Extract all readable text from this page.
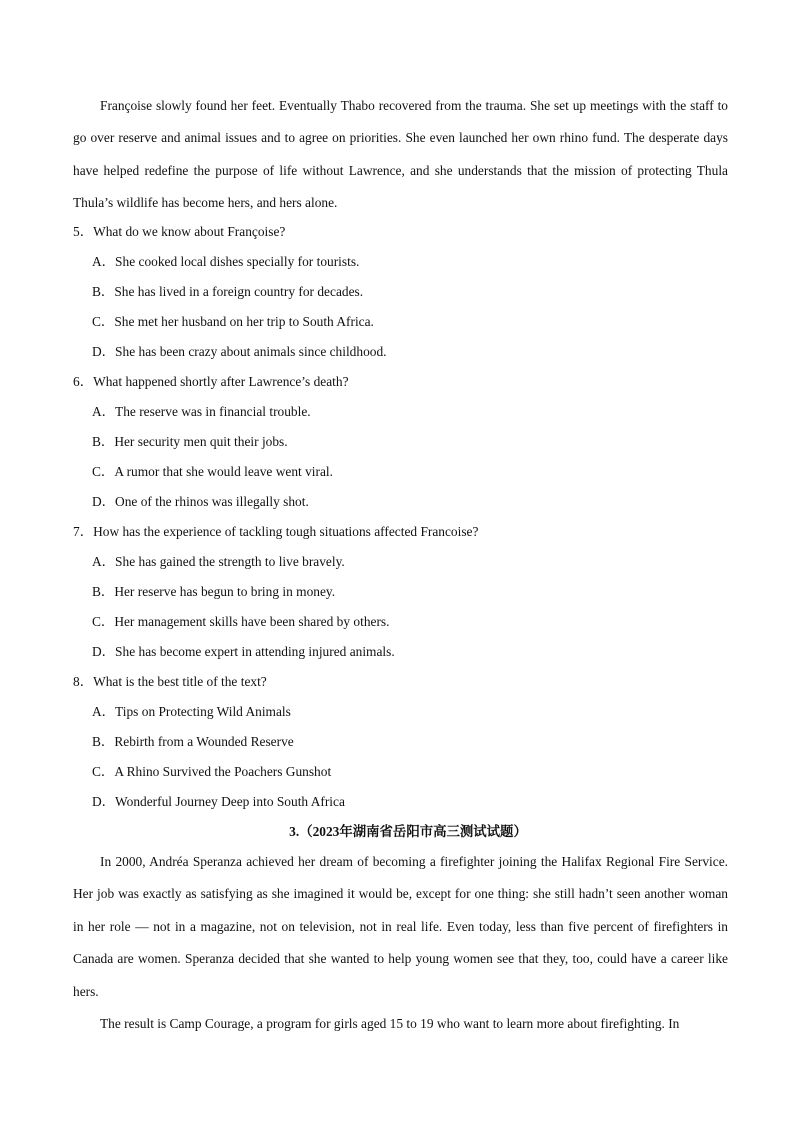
Françoise slowly found her feet. Eventually Thabo recovered from the trauma. She set up meetings with the staff to go over reserve and animal issues and to agree on priorities. She even launched her own rhino fund. The desperate days have helped redefine the purpose of life without Lawrence, and she understands that the mission of protecting Thula Thula’s wildlife has become hers, and hers alone.

5．What do we know about Françoise?

A．She cooked local dishes specially for tourists.

B．She has lived in a foreign country for decades.

C．She met her husband on her trip to South Africa.

D．She has been crazy about animals since childhood.

6．What happened shortly after Lawrence’s death?

A．The reserve was in financial trouble.

B．Her security men quit their jobs.

C．A rumor that she would leave went viral.

D．One of the rhinos was illegally shot.

7．How has the experience of tackling tough situations affected Francoise?

A．She has gained the strength to live bravely.

B．Her reserve has begun to bring in money.

C．Her management skills have been shared by others.

D．She has become expert in attending injured animals.

8．What is the best title of the text?

A．Tips on Protecting Wild Animals

B．Rebirth from a Wounded Reserve

C．A Rhino Survived the Poachers Gunshot

D．Wonderful Journey Deep into South Africa

3.（2023年湖南省岳阳市高三测试试题）

In 2000, Andréa Speranza achieved her dream of becoming a firefighter joining the Halifax Regional Fire Service. Her job was exactly as satisfying as she imagined it would be, except for one thing: she still hadn’t seen another woman in her role — not in a magazine, not on television, not in real life. Even today, less than five percent of firefighters in Canada are women. Speranza decided that she wanted to help young women see that they, too, could have a career like hers.

The result is Camp Courage, a program for girls aged 15 to 19 who want to learn more about firefighting. In
